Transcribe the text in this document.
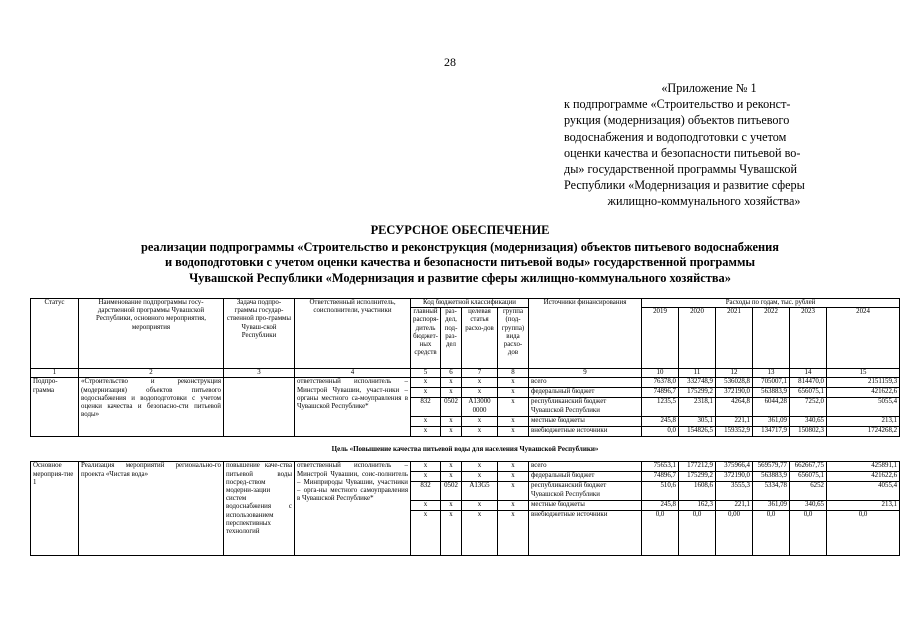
28
«Приложение № 1
к подпрограмме «Строительство и реконст-
рукция (модернизация) объектов питьевого
водоснабжения и водоподготовки с учетом
оценки качества и безопасности питьевой во-
ды» государственной программы Чувашской
Республики «Модернизация и развитие сферы
жилищно-коммунального хозяйства»
РЕСУРСНОЕ ОБЕСПЕЧЕНИЕ
реализации подпрограммы «Строительство и реконструкция (модернизация) объектов питьевого водоснабжения
и водоподготовки с учетом оценки качества и безопасности питьевой воды» государственной программы
Чувашской Республики «Модернизация и развитие сферы жилищно-коммунального хозяйства»
Статус	Наименование подпрограммы госу-дарственной программы Чувашской Республики, основного мероприятия, мероприятия	Задача подпро-граммы государ-ственной про-граммы Чуваш-ской Республики	Ответственный исполнитель, соисполнители, участники	Код бюджетной классификации				Источники финансирования	Расходы по годам, тыс. рублей					
				главный распоря-дитель бюджет-ных средств	раз-дел, под-раз-дел	целевая статья расхо-дов	группа (под-группа) вида расхо-дов		2019	2020	2021	2022	2023	2024
1	2	3	4	5	6	7	8	9	10	11	12	13	14	15
Подпро-грамма	«Строительство и реконструкция (модернизация) объектов питьевого водоснабжения и водоподготовки с учетом оценки качества и безопасно-сти питьевой воды»		ответственный исполнитель – Минстрой Чувашии, участ-ники – органы местного са-моуправления в Чувашской Республике*	x	x	x	x	всего	76378,0	332748,9	536028,8	705007,1	814470,0	2151159,3
				x	x	x	x	федеральный бюджет	74896,7	175299,2	372190,0	563883,9	656075,1	421622,6
				832	0502	А13000 0000	x	республиканский бюджет Чувашской Республики	1235,5	2318,1	4264,8	6044,28	7252,0	5055,4
				x	x	x	x	местные бюджеты	245,8	305,1	221,1	361,09	340,65	213,1
				x	x	x	x	внебюджетные источники	0,0	154826,5	159352,9	134717,9	150802,3	1724268,2

Цель «Повышение качества питьевой воды для населения Чувашской Республики»														

Основное мероприя-тие 1	Реализация мероприятий регионально-го проекта «Чистая вода»	повышение каче-ства питьевой воды посред-ством модерни-зации систем водоснабжения с использованием перспективных технологий	ответственный исполнитель – Минстрой Чувашии, соис-полнитель – Минприроды Чувашии, участники – орга-ны местного самоуправления в Чувашской Республике*	x	x	x	x	всего	75653,1	177212,9	375966,4	569579,77	662667,75	425891,1
				x	x	x	x	федеральный бюджет	74896,7	175299,2	372190,0	563883,9	656075,1	421622,6
				832	0502	А13G5	x	республиканский бюджет Чувашской Республики	510,6	1608,6	3555,3	5334,78	6252	4055,4
				x	x	x	x	местные бюджеты	245,8	162,3	221,1	361,09	340,65	213,1
				x	x	x	x	внебюджетные источники	0,0	0,0	0,00	0,0	0,0	0,0
